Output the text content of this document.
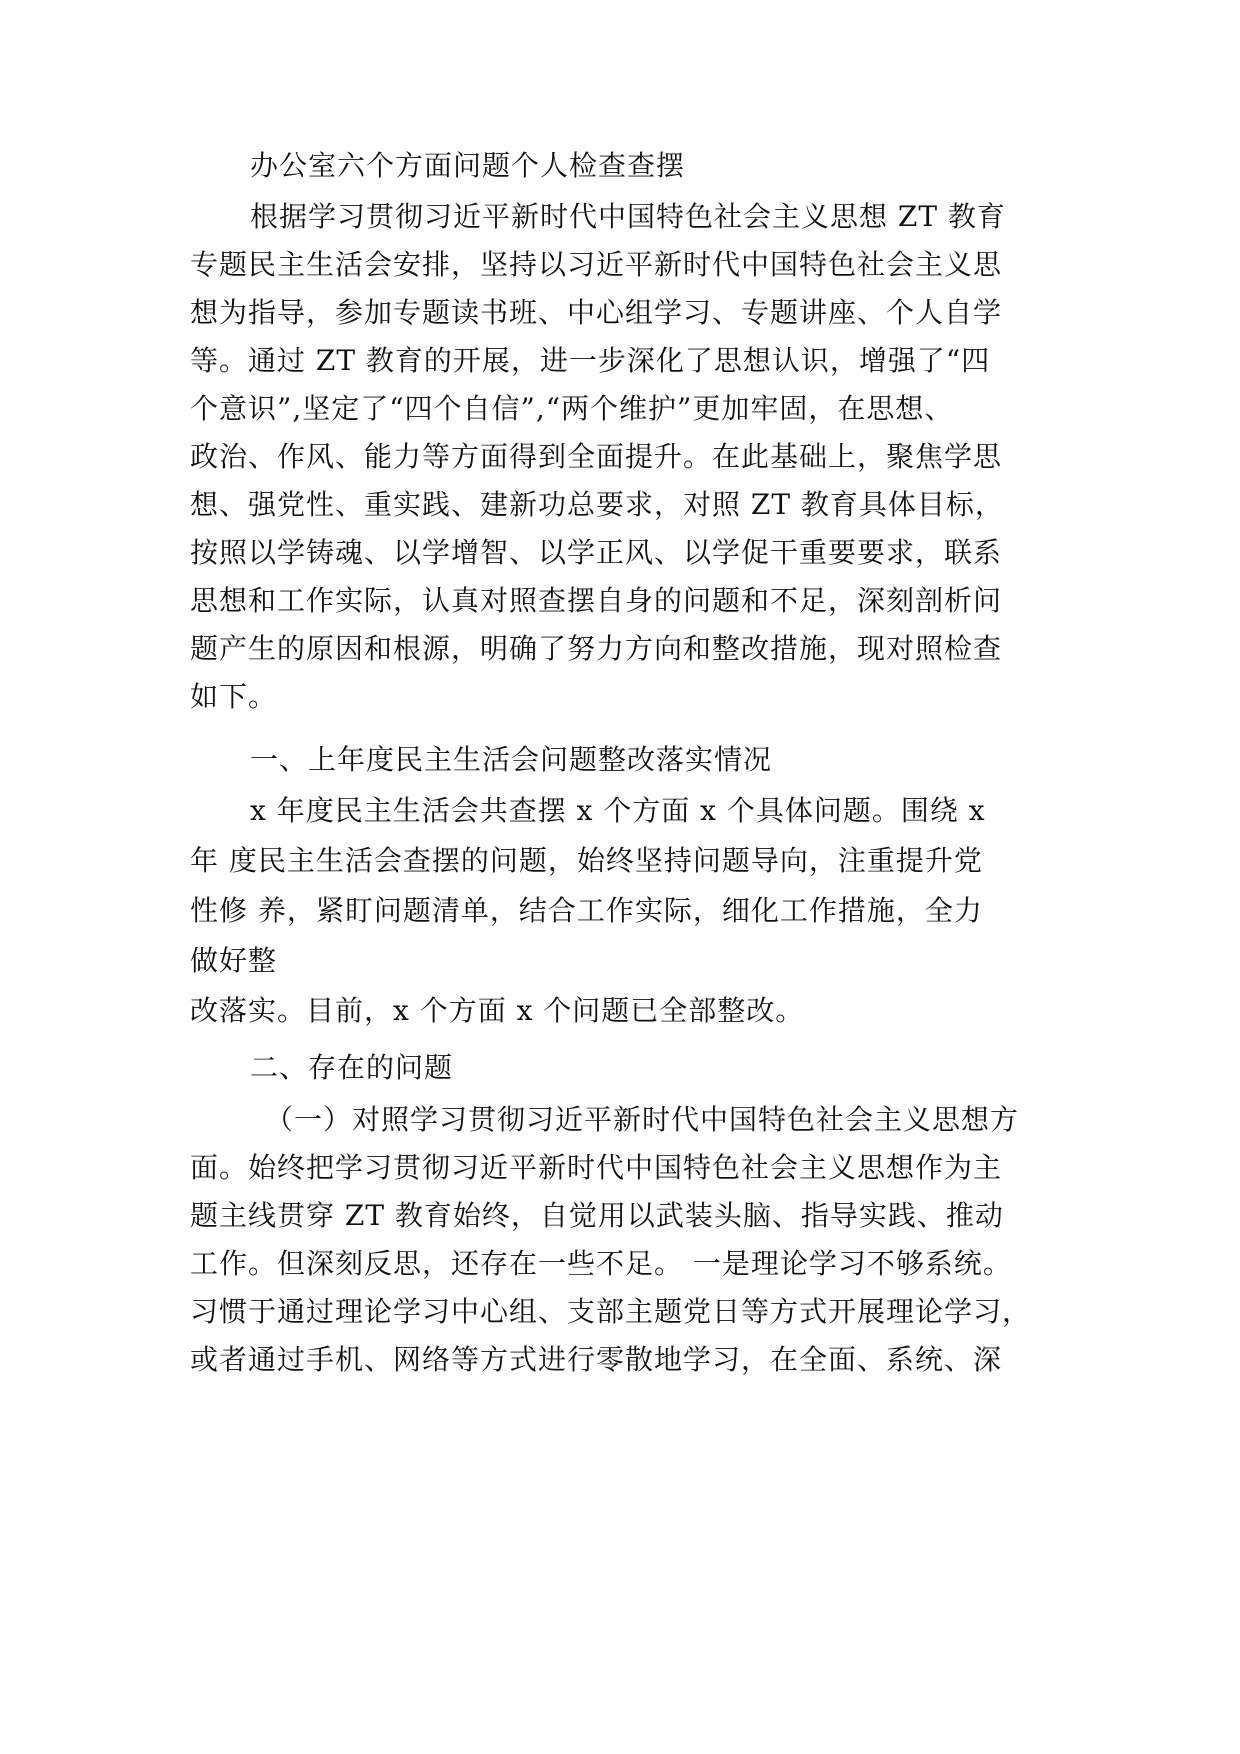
办公室六个方面问题个人检查查摆
根据学习贯彻习近平新时代中国特色社会主义思想 ZT 教育
专题民主生活会安排，坚持以习近平新时代中国特色社会主义思
想为指导，参加专题读书班、中心组学习、专题讲座、个人自学
等。通过 ZT 教育的开展，进一步深化了思想认识，增强了“四
个意识”,坚定了“四个自信”,“两个维护”更加牢固，在思想、
政治、作风、能力等方面得到全面提升。在此基础上，聚焦学思
想、强党性、重实践、建新功总要求，对照 ZT 教育具体目标，
按照以学铸魂、以学增智、以学正风、以学促干重要要求，联系
思想和工作实际，认真对照查摆自身的问题和不足，深刻剖析问
题产生的原因和根源，明确了努力方向和整改措施，现对照检查
如下。
一、上年度民主生活会问题整改落实情况
x 年度民主生活会共查摆 x 个方面 x 个具体问题。围绕 x
年 度民主生活会查摆的问题，始终坚持问题导向，注重提升党
性修 养，紧盯问题清单，结合工作实际，细化工作措施，全力
做好整
改落实。目前，x 个方面 x 个问题已全部整改。
二、存在的问题
（一）对照学习贯彻习近平新时代中国特色社会主义思想方
面。始终把学习贯彻习近平新时代中国特色社会主义思想作为主
题主线贯穿 ZT 教育始终，自觉用以武装头脑、指导实践、推动
工作。但深刻反思，还存在一些不足。 一是理论学习不够系统。
习惯于通过理论学习中心组、支部主题党日等方式开展理论学习，
或者通过手机、网络等方式进行零散地学习，在全面、系统、深
